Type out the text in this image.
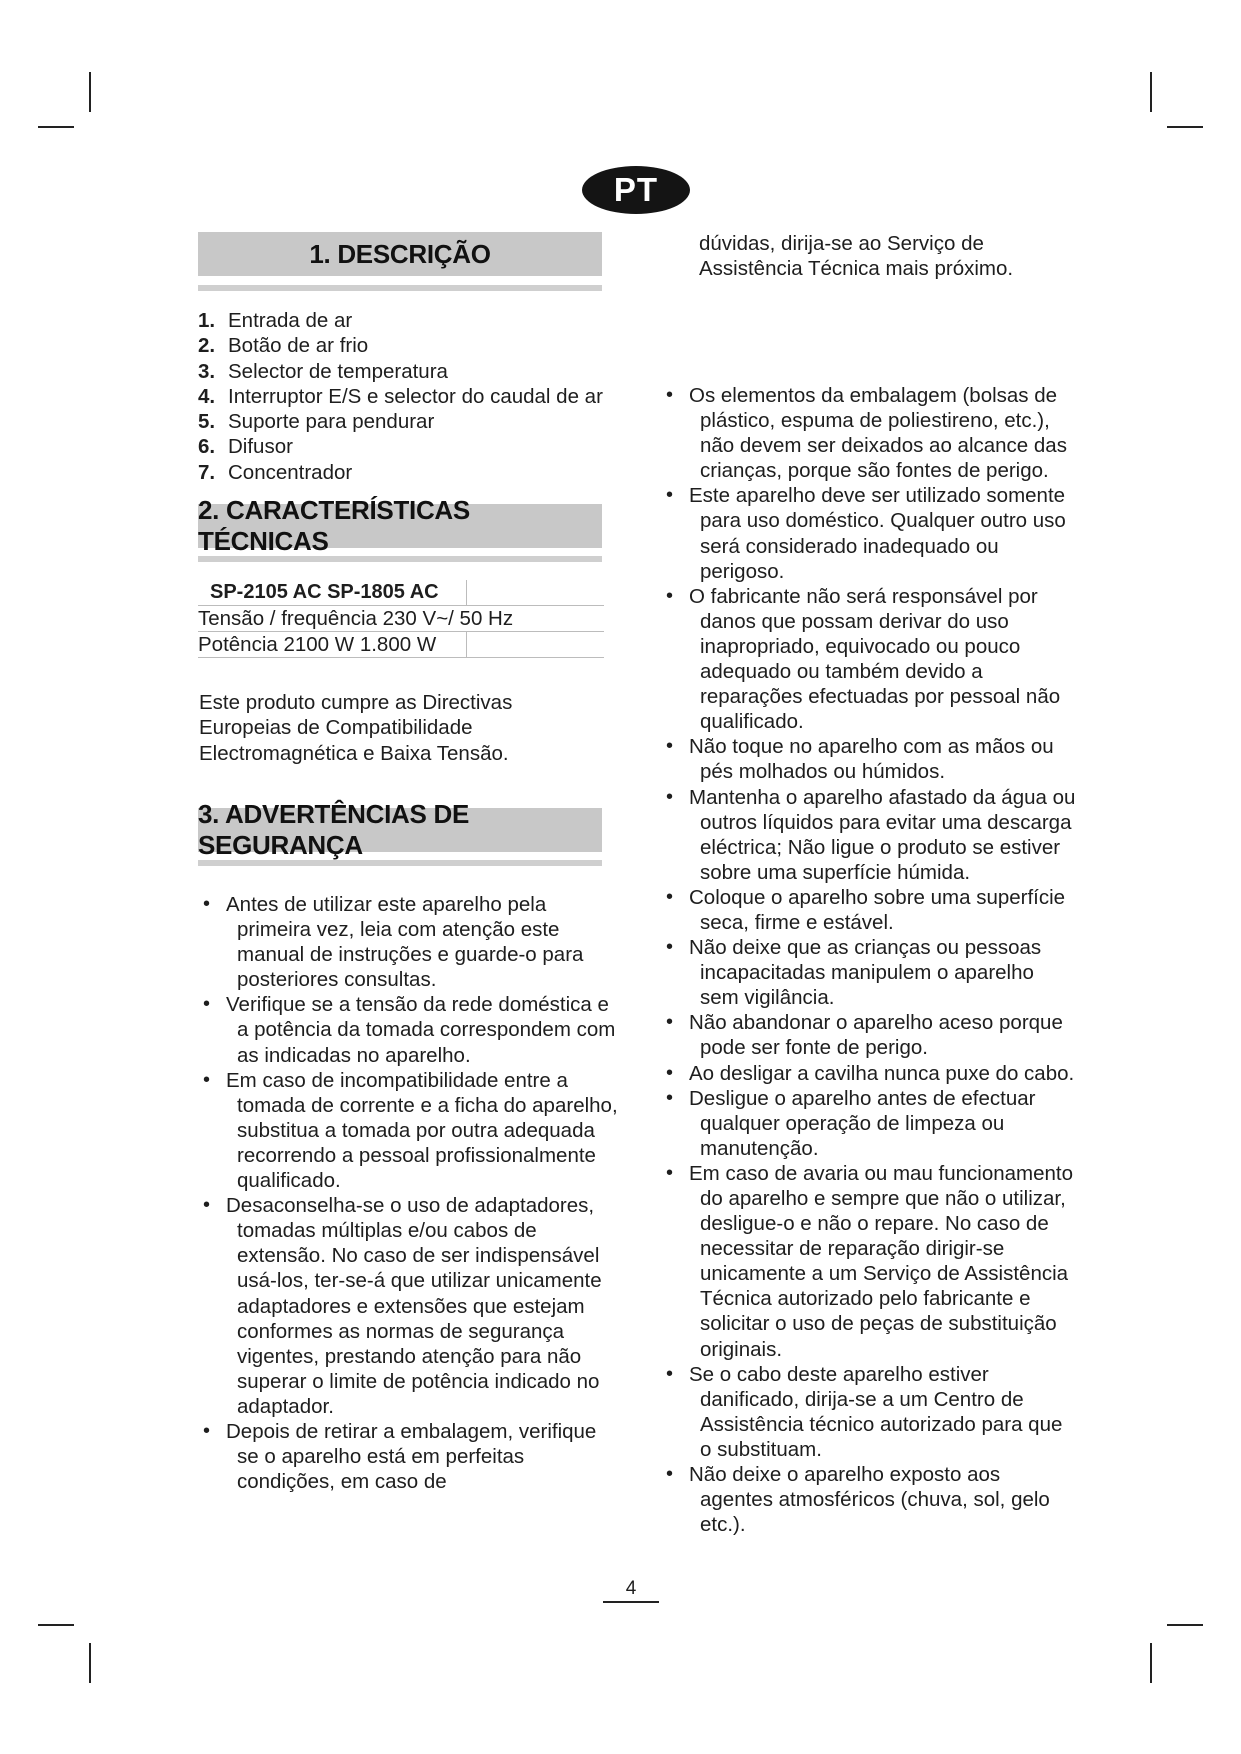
PT
1. DESCRIÇÃO
1. Entrada de ar
2. Botão de ar frio
3. Selector de temperatura
4. Interruptor E/S e selector do caudal de ar
5. Suporte para pendurar
6. Difusor
7. Concentrador
2. CARACTERÍSTICAS TÉCNICAS
SP-2105 AC SP-1805 AC
Tensão / frequência 230 V~/ 50 Hz
Potência 2100 W 1.800 W

Este produto cumpre as Directivas
Europeias de Compatibilidade
Electromagnética e Baixa Tensão.

3. ADVERTÊNCIAS DE SEGURANÇA
• Antes de utilizar este aparelho pela primeira vez, leia com atenção este manual de instruções e guarde-o para posteriores consultas.
• Verifique se a tensão da rede doméstica e a potência da tomada correspondem com as indicadas no aparelho.
• Em caso de incompatibilidade entre a tomada de corrente e a ficha do aparelho, substitua a tomada por outra adequada recorrendo a pessoal profissionalmente qualificado.
• Desaconselha-se o uso de adaptadores, tomadas múltiplas e/ou cabos de extensão. No caso de ser indispensável usá-los, ter-se-á que utilizar unicamente adaptadores e extensões que estejam conformes as normas de segurança vigentes, prestando atenção para não superar o limite de potência indicado no adaptador.
• Depois de retirar a embalagem, verifique se o aparelho está em perfeitas condições, em caso de

dúvidas, dirija-se ao Serviço de Assistência Técnica mais próximo.

• Os elementos da embalagem (bolsas de plástico, espuma de poliestireno, etc.), não devem ser deixados ao alcance das crianças, porque são fontes de perigo.
• Este aparelho deve ser utilizado somente para uso doméstico. Qualquer outro uso será considerado inadequado ou perigoso.
• O fabricante não será responsável por danos que possam derivar do uso inapropriado, equivocado ou pouco adequado ou também devido a reparações efectuadas por pessoal não qualificado.
• Não toque no aparelho com as mãos ou pés molhados ou húmidos.
• Mantenha o aparelho afastado da água ou outros líquidos para evitar uma descarga eléctrica; Não ligue o produto se estiver sobre uma superfície húmida.
• Coloque o aparelho sobre uma superfície seca, firme e estável.
• Não deixe que as crianças ou pessoas incapacitadas manipulem o aparelho sem vigilância.
• Não abandonar o aparelho aceso porque pode ser fonte de perigo.
• Ao desligar a cavilha nunca puxe do cabo.
• Desligue o aparelho antes de efectuar qualquer operação de limpeza ou manutenção.
• Em caso de avaria ou mau funcionamento do aparelho e sempre que não o utilizar, desligue-o e não o repare. No caso de necessitar de reparação dirigir-se unicamente a um Serviço de Assistência Técnica autorizado pelo fabricante e solicitar o uso de peças de substituição originais.
• Se o cabo deste aparelho estiver danificado, dirija-se a um Centro de Assistência técnico autorizado para que o substituam.
• Não deixe o aparelho exposto aos agentes atmosféricos (chuva, sol, gelo etc.).
4
